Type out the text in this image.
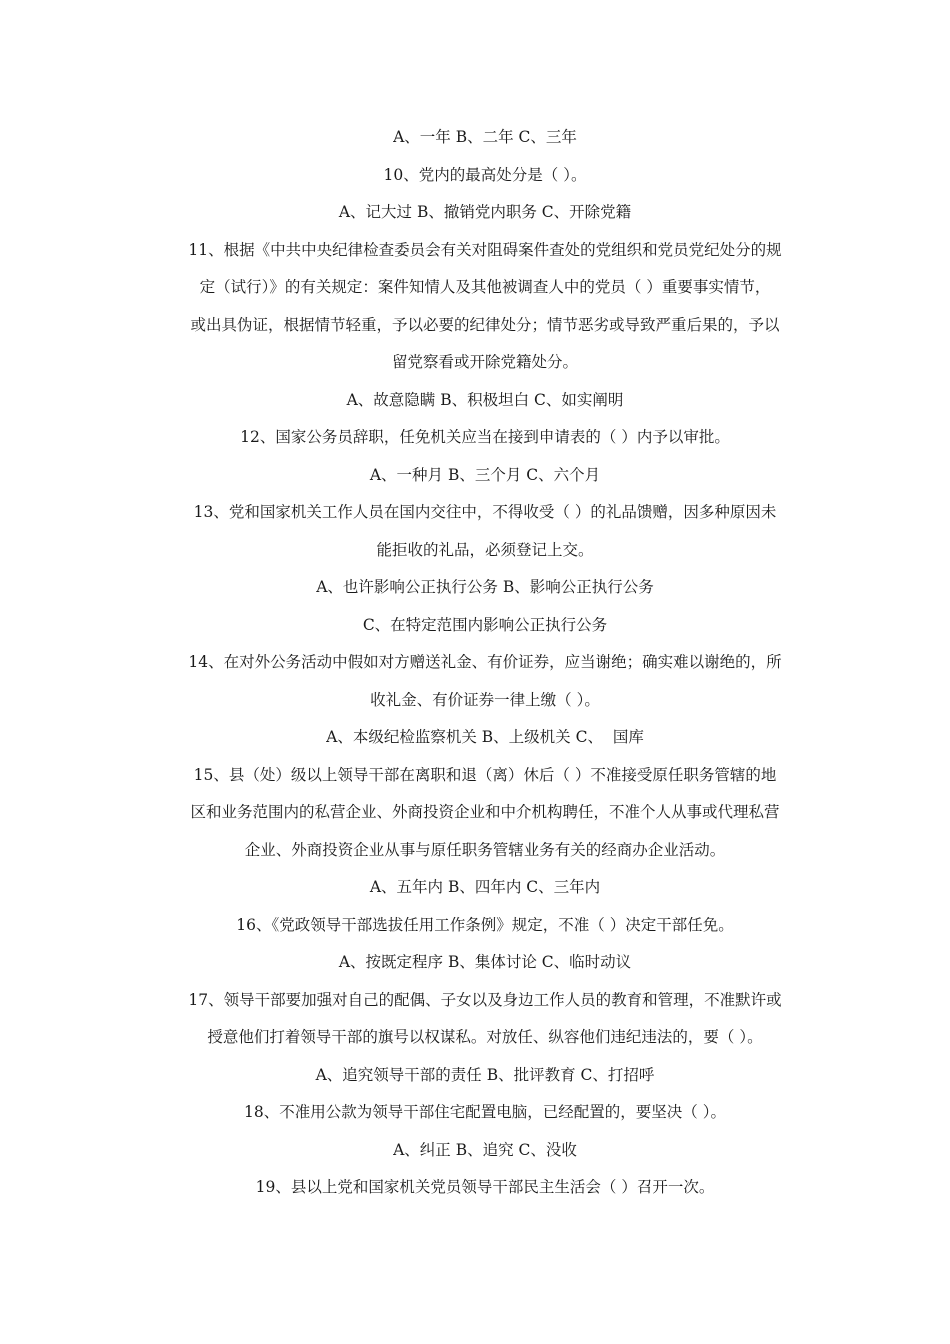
A、一年 B、二年 C、三年
10、党内的最高处分是（ ）。
A、记大过 B、撤销党内职务 C、开除党籍
11、根据《中共中央纪律检查委员会有关对阻碍案件查处的党组织和党员党纪处分的规
定（试行）》的有关规定：案件知情人及其他被调查人中的党员（ ）重要事实情节，
或出具伪证，根据情节轻重，予以必要的纪律处分；情节恶劣或导致严重后果的，予以
留党察看或开除党籍处分。
A、故意隐瞒 B、积极坦白 C、如实阐明
12、国家公务员辞职，任免机关应当在接到申请表的（ ）内予以审批。
A、一种月 B、三个月 C、六个月
13、党和国家机关工作人员在国内交往中，不得收受（ ）的礼品馈赠，因多种原因未
能拒收的礼品，必须登记上交。
A、也许影响公正执行公务 B、影响公正执行公务
C、在特定范围内影响公正执行公务
14、在对外公务活动中假如对方赠送礼金、有价证券，应当谢绝；确实难以谢绝的，所
收礼金、有价证券一律上缴（ ）。
A、本级纪检监察机关 B、上级机关 C、  国库
15、县（处）级以上领导干部在离职和退（离）休后（ ）不准接受原任职务管辖的地
区和业务范围内的私营企业、外商投资企业和中介机构聘任，不准个人从事或代理私营
企业、外商投资企业从事与原任职务管辖业务有关的经商办企业活动。
A、五年内 B、四年内 C、三年内
16、《党政领导干部选拔任用工作条例》规定，不准（ ）决定干部任免。
A、按既定程序 B、集体讨论 C、临时动议
17、领导干部要加强对自己的配偶、子女以及身边工作人员的教育和管理，不准默许或
授意他们打着领导干部的旗号以权谋私。对放任、纵容他们违纪违法的，要（ ）。
A、追究领导干部的责任 B、批评教育 C、打招呼
18、不准用公款为领导干部住宅配置电脑，已经配置的，要坚决（ ）。
A、纠正 B、追究 C、没收
19、县以上党和国家机关党员领导干部民主生活会（ ）召开一次。
